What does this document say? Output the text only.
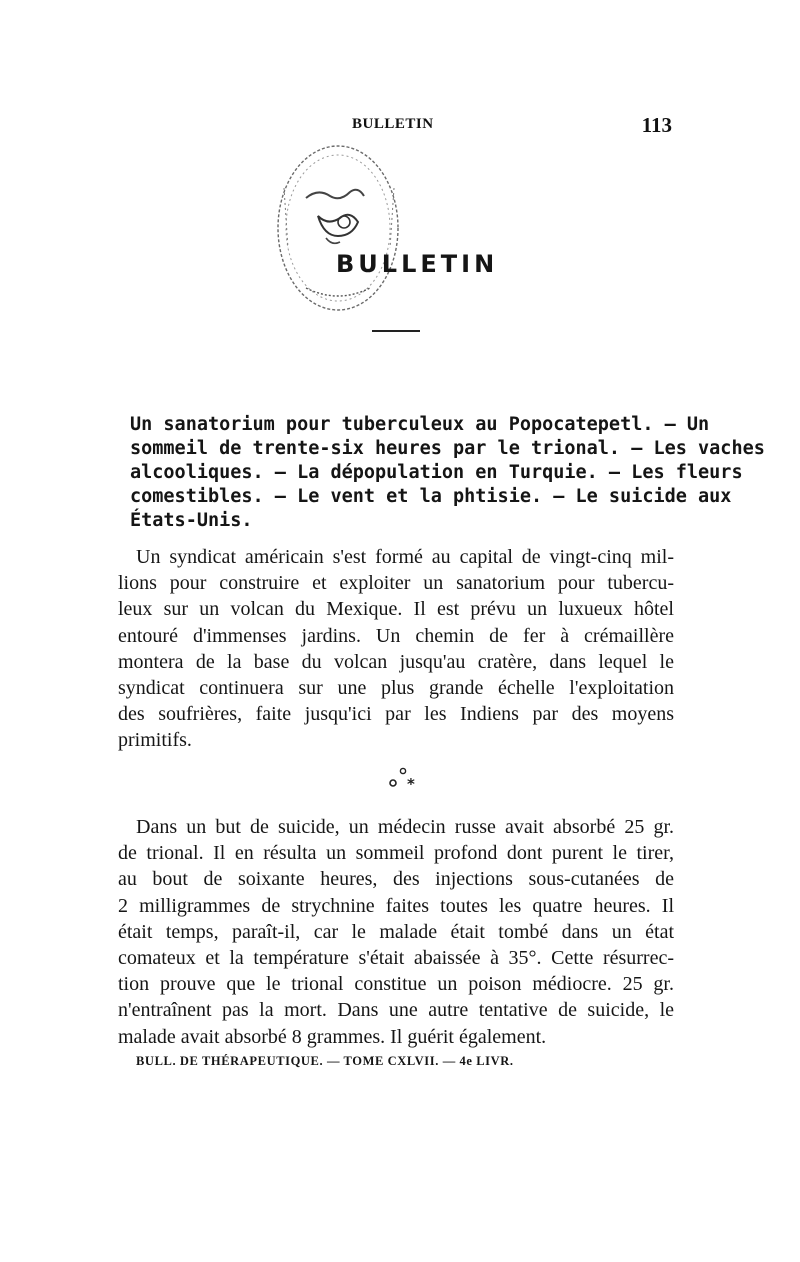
BULLETIN	113
BULLETIN
Un sanatorium pour tuberculeux au Popocatepetl. — Un
sommeil de trente-six heures par le trional. — Les vaches
alcooliques. — La dépopulation en Turquie. — Les fleurs
comestibles. — Le vent et la phtisie. — Le suicide aux
États-Unis.
Un syndicat américain s'est formé au capital de vingt-cinq mil-
lions pour construire et exploiter un sanatorium pour tubercu-
leux sur un volcan du Mexique. Il est prévu un luxueux hôtel
entouré d'immenses jardins. Un chemin de fer à crémaillère
montera de la base du volcan jusqu'au cratère, dans lequel le
syndicat continuera sur une plus grande échelle l'exploitation
des soufrières, faite jusqu'ici par les Indiens par des moyens
primitifs.
*
Dans un but de suicide, un médecin russe avait absorbé 25 gr.
de trional. Il en résulta un sommeil profond dont purent le tirer,
au bout de soixante heures, des injections sous-cutanées de
2 milligrammes de strychnine faites toutes les quatre heures. Il
était temps, paraît-il, car le malade était tombé dans un état
comateux et la température s'était abaissée à 35°. Cette résurrec-
tion prouve que le trional constitue un poison médiocre. 25 gr.
n'entraînent pas la mort. Dans une autre tentative de suicide, le
malade avait absorbé 8 grammes. Il guérit également.
BULL. DE THÉRAPEUTIQUE. — TOME CXLVII. — 4e LIVR.
